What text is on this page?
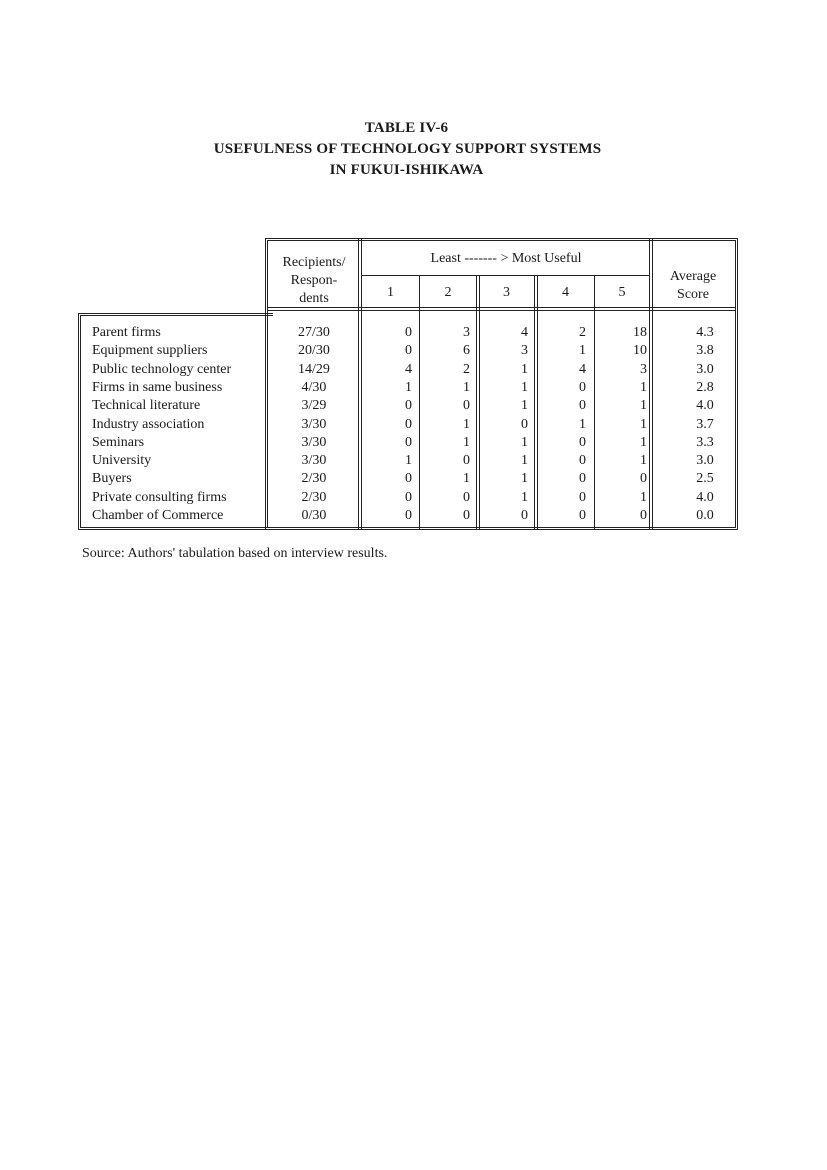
TABLE IV-6
USEFULNESS OF TECHNOLOGY SUPPORT SYSTEMS
IN FUKUI-ISHIKAWA
Recipients/
Respon-
dents
Least ------- > Most Useful
1	2	3	4	5
Average
Score
Parent firms	27/30	0	3	4	2	18	4.3
Equipment suppliers	20/30	0	6	3	1	10	3.8
Public technology center	14/29	4	2	1	4	3	3.0
Firms in same business	4/30	1	1	1	0	1	2.8
Technical literature	3/29	0	0	1	0	1	4.0
Industry association	3/30	0	1	0	1	1	3.7
Seminars	3/30	0	1	1	0	1	3.3
University	3/30	1	0	1	0	1	3.0
Buyers	2/30	0	1	1	0	0	2.5
Private consulting firms	2/30	0	0	1	0	1	4.0
Chamber of Commerce	0/30	0	0	0	0	0	0.0
Source: Authors' tabulation based on interview results.
